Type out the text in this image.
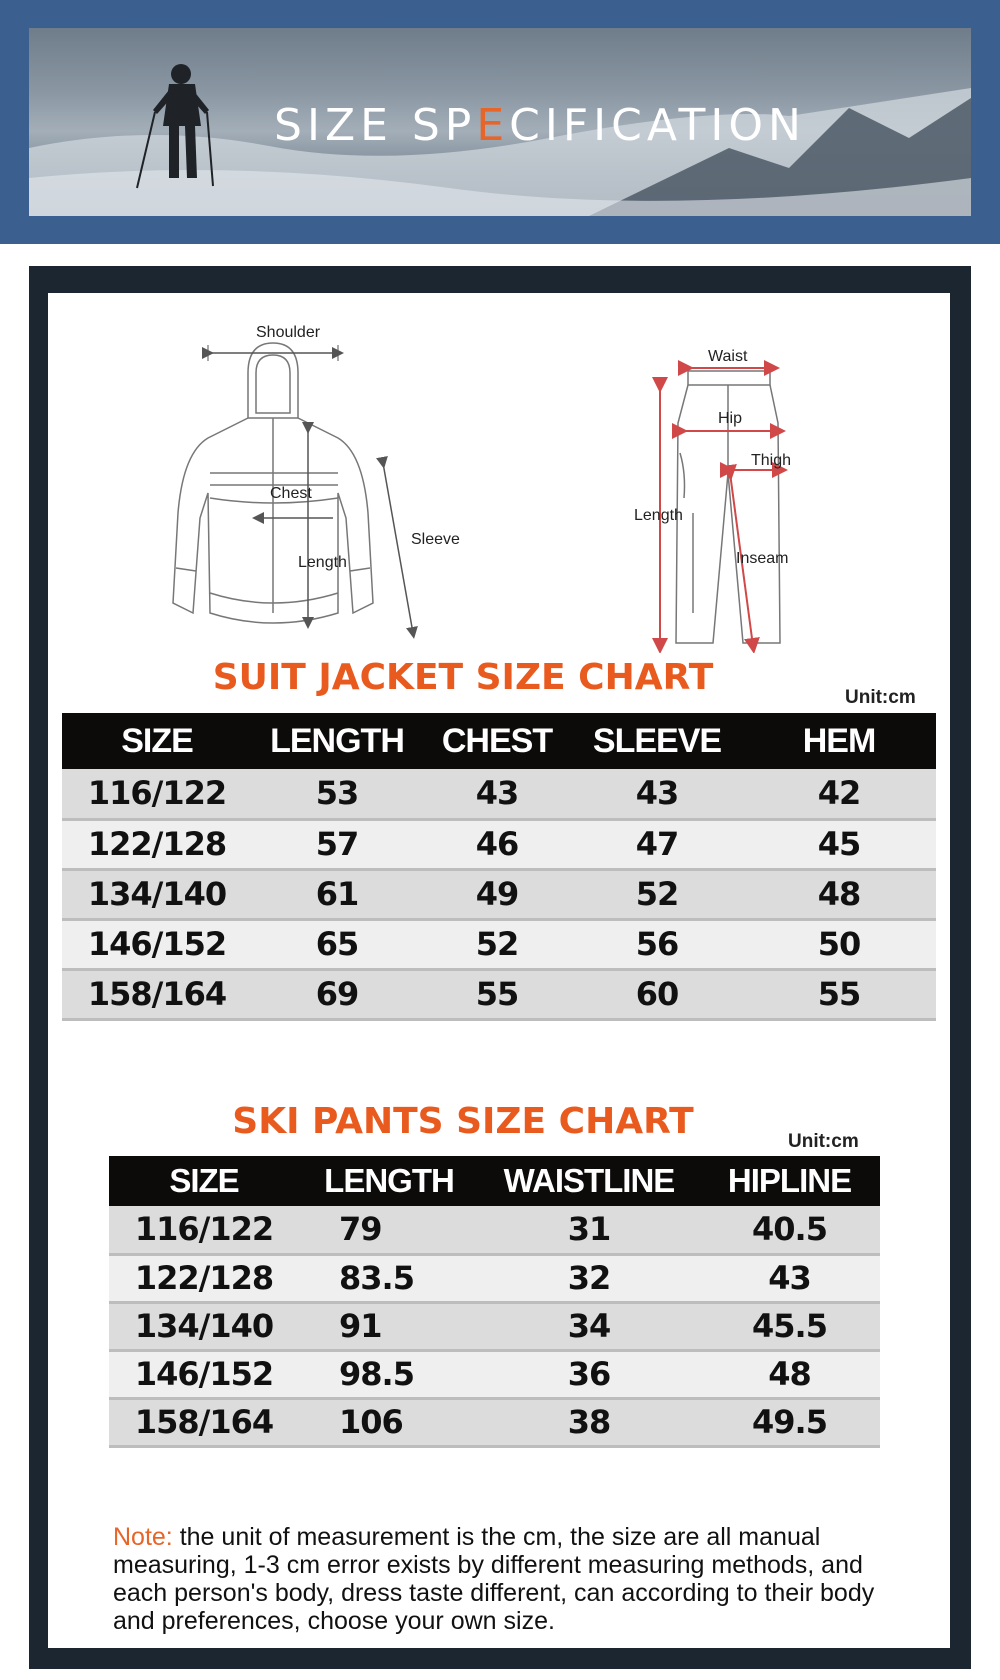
SIZE SPECIFICATION
Shoulder
Chest
Length
Sleeve
Waist
Hip
Thigh
Length
Inseam
SUIT JACKET SIZE CHART	Unit:cm
SIZE	LENGTH	CHEST	SLEEVE	HEM
116/122	53	43	43	42
122/128	57	46	47	45
134/140	61	49	52	48
146/152	65	52	56	50
158/164	69	55	60	55
SKI PANTS SIZE CHART	Unit:cm
SIZE	LENGTH	WAISTLINE	HIPLINE
116/122	79	31	40.5
122/128	83.5	32	43
134/140	91	34	45.5
146/152	98.5	36	48
158/164	106	38	49.5
Note: the unit of measurement is the cm, the size are all manual measuring, 1-3 cm error exists by different measuring methods, and each person's body, dress taste different, can according to their body and preferences, choose your own size.
